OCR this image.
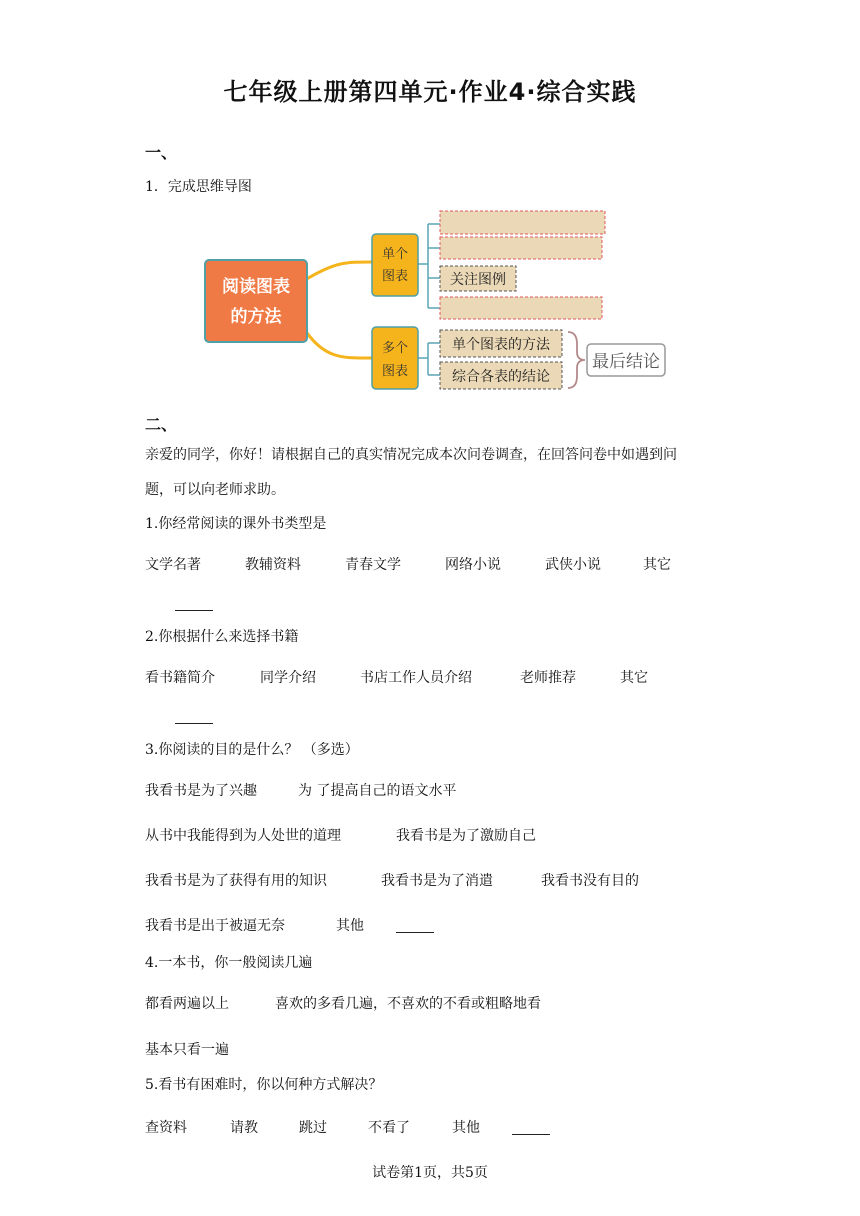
七年级上册第四单元·作业4·综合实践
一、
1．完成思维导图
阅读图表
的方法
单个
图表
多个
图表
关注图例
单个图表的方法
综合各表的结论
最后结论
二、
亲爱的同学，你好！请根据自己的真实情况完成本次问卷调查，在回答问卷中如遇到问
题，可以向老师求助。
1.你经常阅读的课外书类型是
文学名著	教辅资料	青春文学	网络小说	武侠小说	其它
2.你根据什么来选择书籍
看书籍简介	同学介绍	书店工作人员介绍	老师推荐	其它
3.你阅读的目的是什么？ （多选）
我看书是为了兴趣	为 了提高自己的语文水平
从书中我能得到为人处世的道理	我看书是为了激励自己
我看书是为了获得有用的知识	我看书是为了消遣	我看书没有目的
我看书是出于被逼无奈	其他
4.一本书，你一般阅读几遍
都看两遍以上	喜欢的多看几遍，不喜欢的不看或粗略地看
基本只看一遍
5.看书有困难时，你以何种方式解决？
查资料	请教	跳过	不看了	其他
试卷第1页，共5页
